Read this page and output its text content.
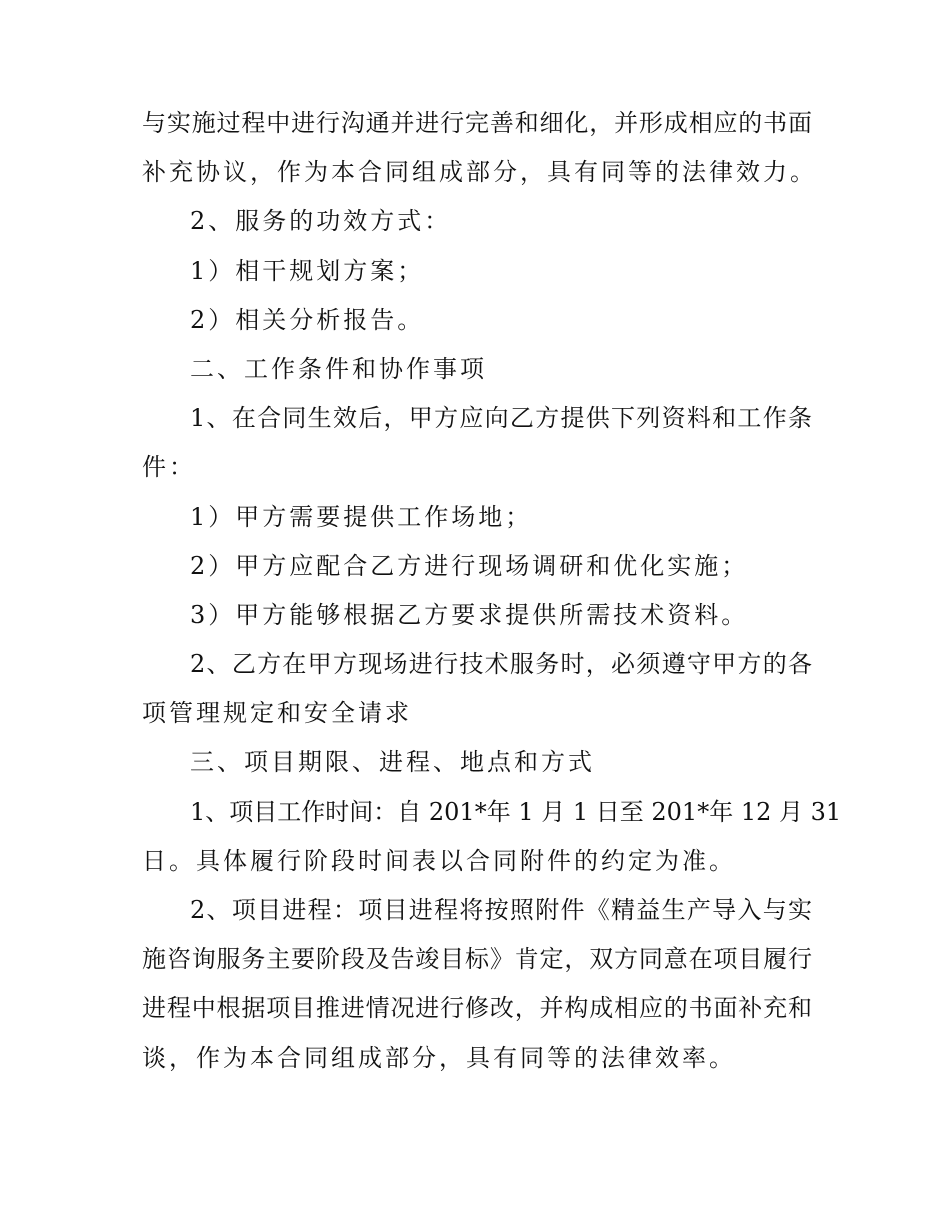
与实施过程中进行沟通并进行完善和细化，并形成相应的书面
补充协议，作为本合同组成部分，具有同等的法律效力。
2、服务的功效方式：
1）相干规划方案；
2）相关分析报告。
二、工作条件和协作事项
1、在合同生效后，甲方应向乙方提供下列资料和工作条
件：
1）甲方需要提供工作场地；
2）甲方应配合乙方进行现场调研和优化实施；
3）甲方能够根据乙方要求提供所需技术资料。
2、乙方在甲方现场进行技术服务时，必须遵守甲方的各
项管理规定和安全请求
三、项目期限、进程、地点和方式
1、项目工作时间：自 201*年 1 月 1 日至 201*年 12 月 31
日。具体履行阶段时间表以合同附件的约定为准。
2、项目进程：项目进程将按照附件《精益生产导入与实
施咨询服务主要阶段及告竣目标》肯定，双方同意在项目履行
进程中根据项目推进情况进行修改，并构成相应的书面补充和
谈，作为本合同组成部分，具有同等的法律效率。
